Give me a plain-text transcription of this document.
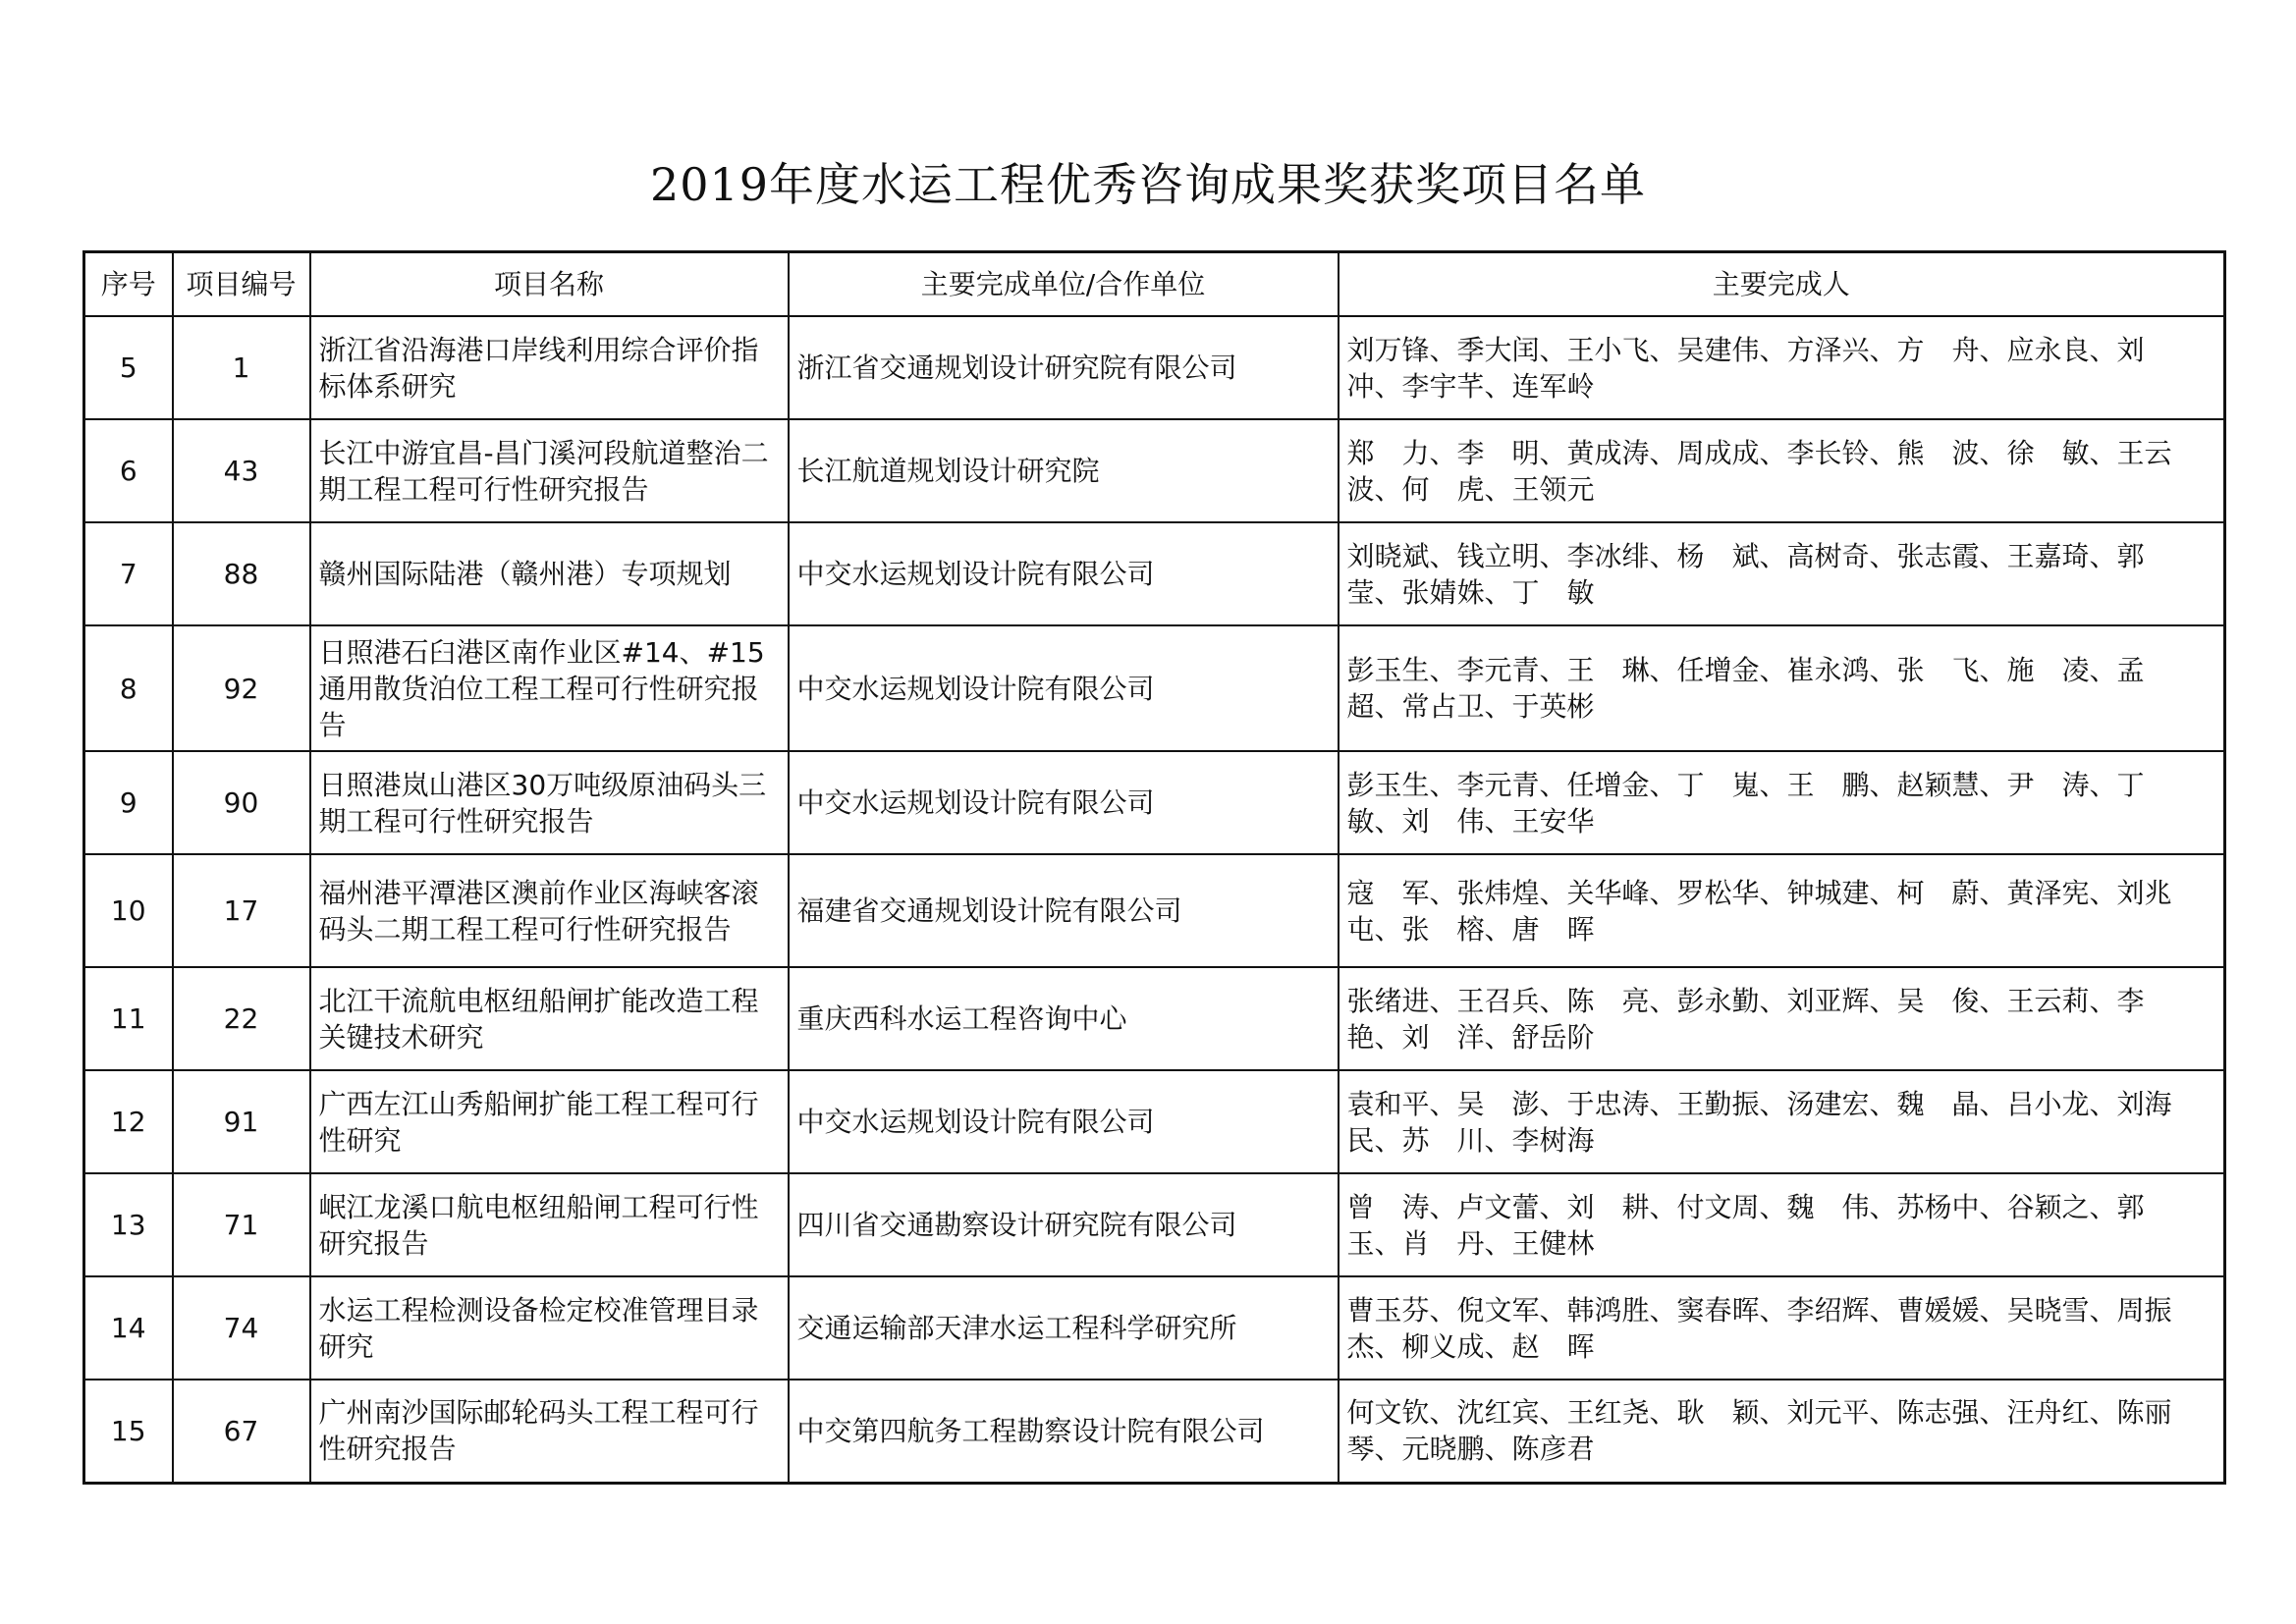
2019年度水运工程优秀咨询成果奖获奖项目名单
序号	项目编号	项目名称	主要完成单位/合作单位	主要完成人
5	1	浙江省沿海港口岸线利用综合评价指标体系研究	浙江省交通规划设计研究院有限公司	刘万锋、季大闰、王小飞、吴建伟、方泽兴、方　舟、应永良、刘　冲、李宇芊、连军岭
6	43	长江中游宜昌-昌门溪河段航道整治二期工程工程可行性研究报告	长江航道规划设计研究院	郑　力、李　明、黄成涛、周成成、李长铃、熊　波、徐　敏、王云波、何　虎、王领元
7	88	赣州国际陆港（赣州港）专项规划	中交水运规划设计院有限公司	刘晓斌、钱立明、李冰绯、杨　斌、高树奇、张志霞、王嘉琦、郭　莹、张婧姝、丁　敏
8	92	日照港石臼港区南作业区#14、#15通用散货泊位工程工程可行性研究报告	中交水运规划设计院有限公司	彭玉生、李元青、王　琳、任增金、崔永鸿、张　飞、施　凌、孟　超、常占卫、于英彬
9	90	日照港岚山港区30万吨级原油码头三期工程可行性研究报告	中交水运规划设计院有限公司	彭玉生、李元青、任增金、丁　嵬、王　鹏、赵颖慧、尹　涛、丁　敏、刘　伟、王安华
10	17	福州港平潭港区澳前作业区海峡客滚码头二期工程工程可行性研究报告	福建省交通规划设计院有限公司	寇　军、张炜煌、关华峰、罗松华、钟城建、柯　蔚、黄泽宪、刘兆屯、张　榕、唐　晖
11	22	北江干流航电枢纽船闸扩能改造工程关键技术研究	重庆西科水运工程咨询中心	张绪进、王召兵、陈　亮、彭永勤、刘亚辉、吴　俊、王云莉、李　艳、刘　洋、舒岳阶
12	91	广西左江山秀船闸扩能工程工程可行性研究	中交水运规划设计院有限公司	袁和平、吴　澎、于忠涛、王勤振、汤建宏、魏　晶、吕小龙、刘海民、苏　川、李树海
13	71	岷江龙溪口航电枢纽船闸工程可行性研究报告	四川省交通勘察设计研究院有限公司	曾　涛、卢文蕾、刘　耕、付文周、魏　伟、苏杨中、谷颖之、郭　玉、肖　丹、王健林
14	74	水运工程检测设备检定校准管理目录研究	交通运输部天津水运工程科学研究所	曹玉芬、倪文军、韩鸿胜、窦春晖、李绍辉、曹媛媛、吴晓雪、周振杰、柳义成、赵　晖
15	67	广州南沙国际邮轮码头工程工程可行性研究报告	中交第四航务工程勘察设计院有限公司	何文钦、沈红宾、王红尧、耿　颖、刘元平、陈志强、汪舟红、陈丽琴、元晓鹏、陈彦君
